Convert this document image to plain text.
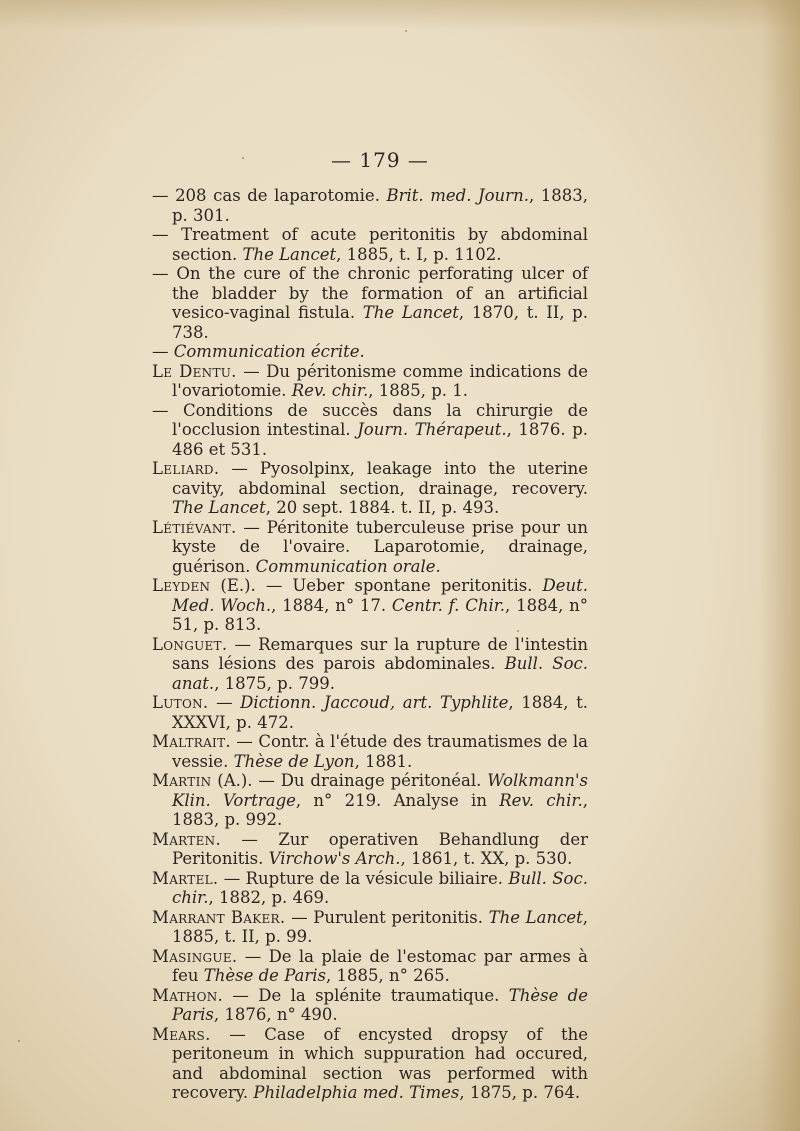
— 179 —

— 208 cas de laparotomie. Brit. med. Journ., 1883, p. 301.

— Treatment of acute peritonitis by abdominal section. The Lancet, 1885, t. I, p. 1102.

— On the cure of the chronic perforating ulcer of the bladder by the formation of an artificial vesico-vaginal fistula. The Lancet, 1870, t. II, p. 738.

— Communication écrite.

Le Dentu. — Du péritonisme comme indications de l'ovariotomie. Rev. chir., 1885, p. 1.

— Conditions de succès dans la chirurgie de l'occlusion intestinal. Journ. Thérapeut., 1876. p. 486 et 531.

Leliard. — Pyosolpinx, leakage into the uterine cavity, abdominal section, drainage, recovery. The Lancet, 20 sept. 1884. t. II, p. 493.

Létiévant. — Péritonite tuberculeuse prise pour un kyste de l'ovaire. Laparotomie, drainage, guérison. Communication orale.

Leyden (E.). — Ueber spontane peritonitis. Deut. Med. Woch., 1884, n° 17. Centr. f. Chir., 1884, n° 51, p. 813.

Longuet. — Remarques sur la rupture de l'intestin sans lésions des parois abdominales. Bull. Soc. anat., 1875, p. 799.

Luton. — Dictionn. Jaccoud, art. Typhlite, 1884, t. XXXVI, p. 472.

Maltrait. — Contr. à l'étude des traumatismes de la vessie. Thèse de Lyon, 1881.

Martin (A.). — Du drainage péritonéal. Wolkmann's Klin. Vortrage, n° 219. Analyse in Rev. chir., 1883, p. 992.

Marten. — Zur operativen Behandlung der Peritonitis. Virchow's Arch., 1861, t. XX, p. 530.

Martel. — Rupture de la vésicule biliaire. Bull. Soc. chir., 1882, p. 469.

Marrant Baker. — Purulent peritonitis. The Lancet, 1885, t. II, p. 99.

Masingue. — De la plaie de l'estomac par armes à feu Thèse de Paris, 1885, n° 265.

Mathon. — De la splénite traumatique. Thèse de Paris, 1876, n° 490.

Mears. — Case of encysted dropsy of the peritoneum in which suppuration had occured, and abdominal section was performed with recovery. Philadelphia med. Times, 1875, p. 764.
